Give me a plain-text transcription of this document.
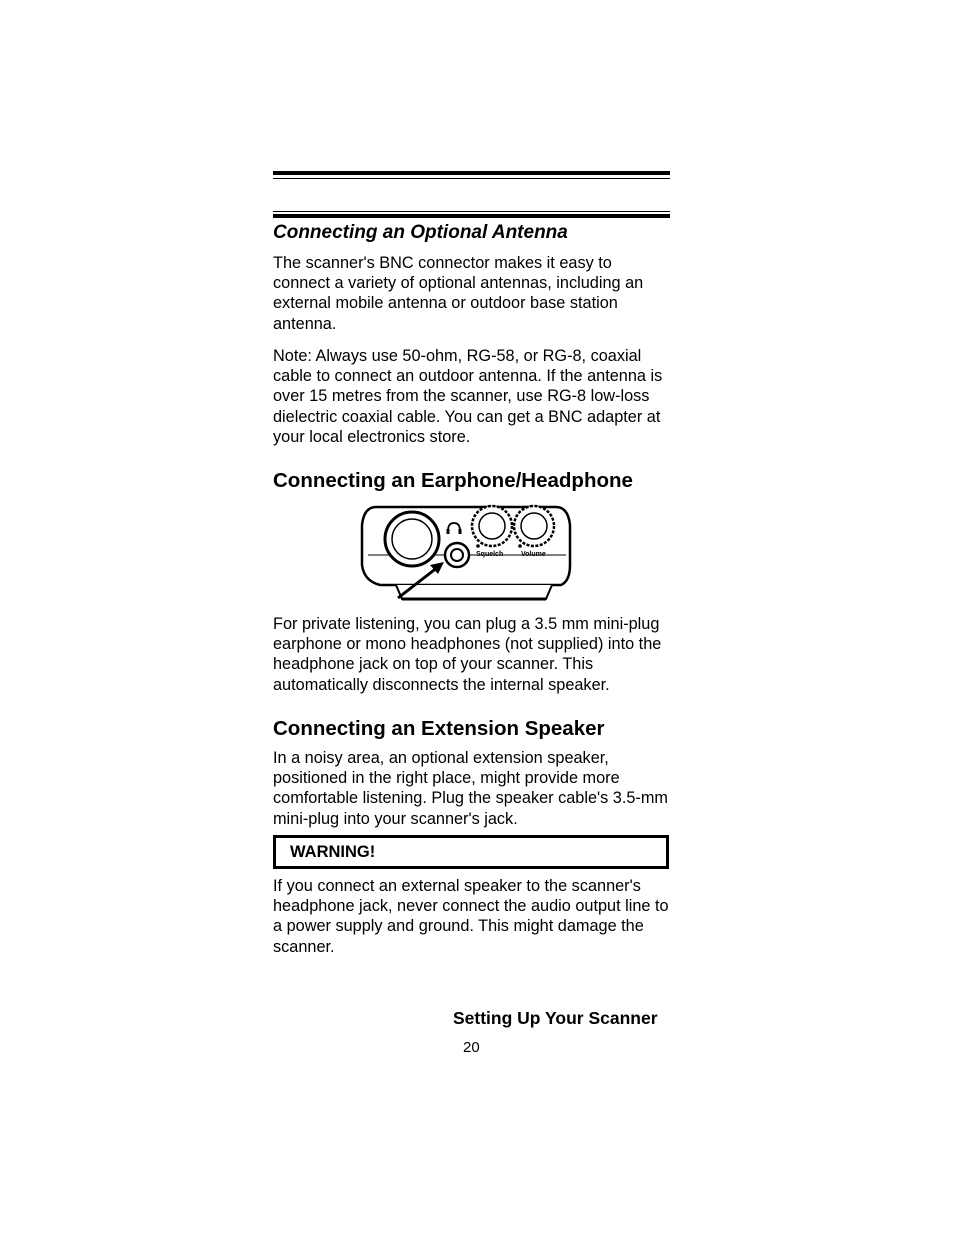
Connecting an Optional Antenna

The scanner's BNC connector makes it easy to connect a variety of optional antennas, including an external mobile antenna or outdoor base station antenna.

Note: Always use 50-ohm, RG-58, or RG-8, coaxial cable to connect an outdoor antenna. If the antenna is over 15 metres from the scanner, use RG-8 low-loss dielectric coaxial cable. You can get a BNC adapter at your local electronics store.

Connecting an Earphone/Headphone
Squelch	Volume

For private listening, you can plug a 3.5 mm mini-plug earphone or mono headphones (not supplied) into the headphone jack on top of your scanner. This automatically disconnects the internal speaker.

Connecting an Extension Speaker

In a noisy area, an optional extension speaker, positioned in the right place, might provide more comfortable listening. Plug the speaker cable's 3.5-mm mini-plug into your scanner's jack.

WARNING!

If you connect an external speaker to the scanner's headphone jack, never connect the audio output line to a power supply and ground. This might damage the scanner.

Setting Up Your Scanner
20
